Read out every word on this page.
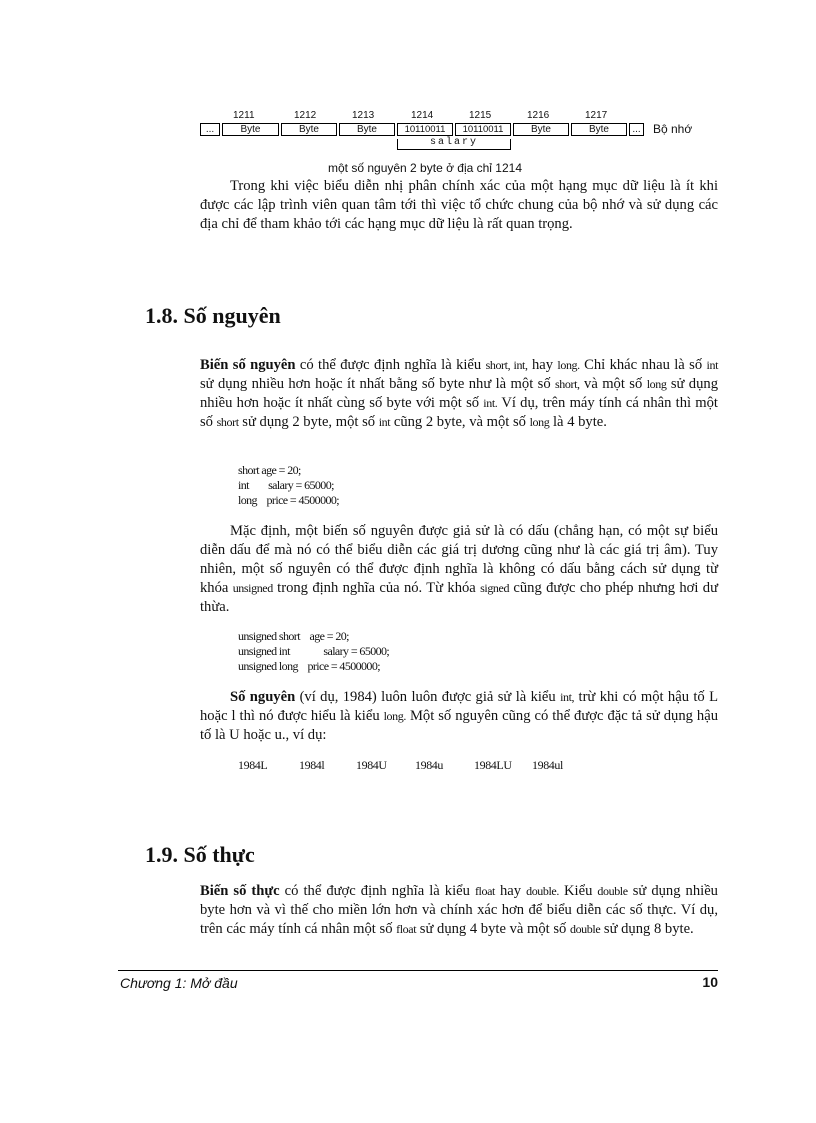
1211	1212	1213	1214	1215	1216	1217
...	Byte	Byte	Byte	10110011	10110011	Byte	Byte	... Bộ nhớ
salary
một số nguyên 2 byte ở địa chỉ 1214

Trong khi việc biểu diễn nhị phân chính xác của một hạng mục dữ liệu là ít khi được các lập trình viên quan tâm tới thì việc tổ chức chung của bộ nhớ và sử dụng các địa chỉ để tham khảo tới các hạng mục dữ liệu là rất quan trọng.

1.8. Số nguyên

Biến số nguyên có thể được định nghĩa là kiểu short, int, hay long. Chỉ khác nhau là số int sử dụng nhiều hơn hoặc ít nhất bằng số byte như là một số short, và một số long sử dụng nhiều hơn hoặc ít nhất cùng số byte với một số int. Ví dụ, trên máy tính cá nhân thì một số short sử dụng 2 byte, một số int cũng 2 byte, và một số long là 4 byte.

short age = 20;
int        salary = 65000;
long    price = 4500000;

Mặc định, một biến số nguyên được giả sử là có dấu (chẳng hạn, có một sự biểu diễn dấu để mà nó có thể biểu diễn các giá trị dương cũng như là các giá trị âm). Tuy nhiên, một số nguyên có thể được định nghĩa là không có dấu bằng cách sử dụng từ khóa unsigned trong định nghĩa của nó. Từ khóa signed cũng được cho phép nhưng hơi dư thừa.

unsigned short    age = 20;
unsigned int              salary = 65000;
unsigned long    price = 4500000;

Số nguyên (ví dụ, 1984) luôn luôn được giả sử là kiểu int, trừ khi có một hậu tố L hoặc l thì nó được hiểu là kiểu long. Một số nguyên cũng có thể được đặc tả sử dụng hậu tố là U hoặc u., ví dụ:

1984L	1984l	1984U 1984u	1984LU 1984ul
1.9. Số thực

Biến số thực có thể được định nghĩa là kiểu float hay double. Kiểu double sử dụng nhiều byte hơn và vì thế cho miền lớn hơn và chính xác hơn để biểu diễn các số thực. Ví dụ, trên các máy tính cá nhân một số float sử dụng 4 byte và một số double sử dụng 8 byte.

Chương 1: Mở đầu	10
